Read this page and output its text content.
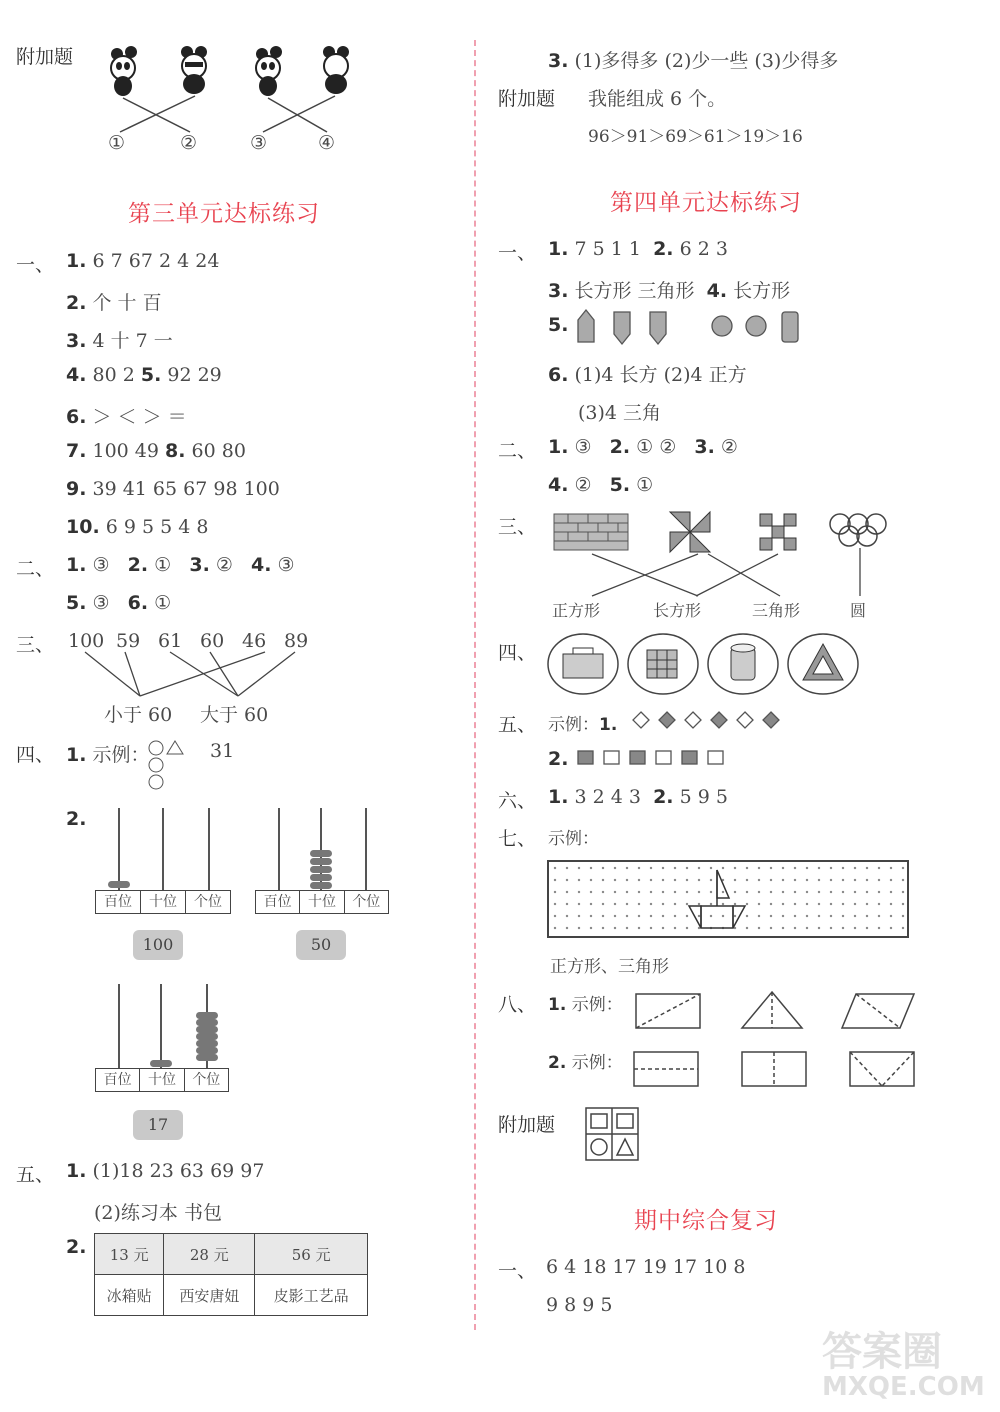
附加题
①	②	③	④
第三单元达标练习
一、 1. 6 7 67 2 4 24
2. 个 十 百
3. 4 十 7 一
4. 80 2 5. 92 29
6. ＞ ＜ ＞ ＝
7. 100 49 8. 60 80
9. 39 41 65 67 98 100
10. 6 9 5 5 4 8
二、 1. ③ 2. ① 3. ② 4. ③
5. ③ 6. ①
三、 100 59 61 60 46 89
小于 60 大于 60
四、 1. 示例：	31
2.
百位	十位	个位
100
百位	十位	个位
50
百位	十位	个位
17
五、 1. (1)18 23 63 69 97
(2)练习本 书包
2. 13 元	28 元	56 元
冰箱贴	西安唐妞	皮影工艺品
3. (1)多得多 (2)少一些 (3)少得多
附加题 我能组成 6 个。
96＞91＞69＞61＞19＞16
第四单元达标练习
一、 1. 7 5 1 1 2. 6 2 3
3. 长方形 三角形 4. 长方形
5.
6. (1)4 长方 (2)4 正方
(3)4 三角
二、 1. ③ 2. ① ② 3. ②
4. ② 5. ①
三、
正方形	长方形	三角形	圆
四、
五、 示例：1.
2.
六、 1. 3 2 4 3 2. 5 9 5
七、 示例：
正方形、三角形
八、 1. 示例：
2. 示例：
附加题
期中综合复习
一、 6 4 18 17 19 17 10 8
9 8 9 5
答案圈
MXQE.COM
